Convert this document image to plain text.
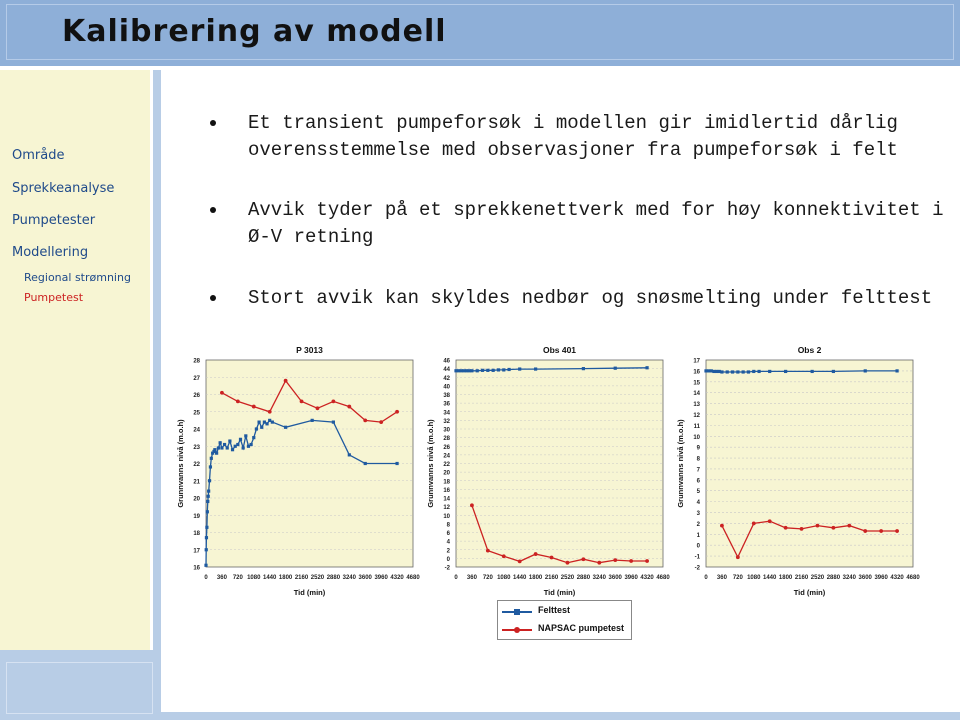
Kalibrering av modell
Område
Sprekkeanalyse
Pumpetester
Modellering
Regional strømning
Pumpetest
Et transient pumpeforsøk i modellen gir imidlertid dårlig overensstemmelse med observasjoner fra pumpeforsøk i felt
Avvik tyder på et sprekkenettverk med for høy konnektivitet i Ø-V retning
Stort avvik kan skyldes nedbør og snøsmelting under felttest
16
17
18
19
20
21
22
23
24
25
26
27
28
0 360 720 1080 1440 1800 2160 2520 2880 3240 3600 3960 4320 4680
P 3013
Tid (min)
Grunnvanns nivå (m.o.h)
-2
0
2
4
6
8
10
12
14
16
18
20
22
24
26
28
30
32
34
36
38
40
42
44
46
0 360 720 1080 1440 1800 2160 2520 2880 3240 3600 3960 4320 4680
Obs 401
Tid (min)
Grunnvanns nivå (m.o.h)
-2
-1
0
1
2
3
4
5
6
7
8
9
10
11
12
13
14
15
16
17
0 360 720 1080 1440 1800 2160 2520 2880 3240 3600 3960 4320 4680
Obs 2
Tid (min)
Grunnvanns nivå (m.o.h)
Felttest
NAPSAC pumpetest
